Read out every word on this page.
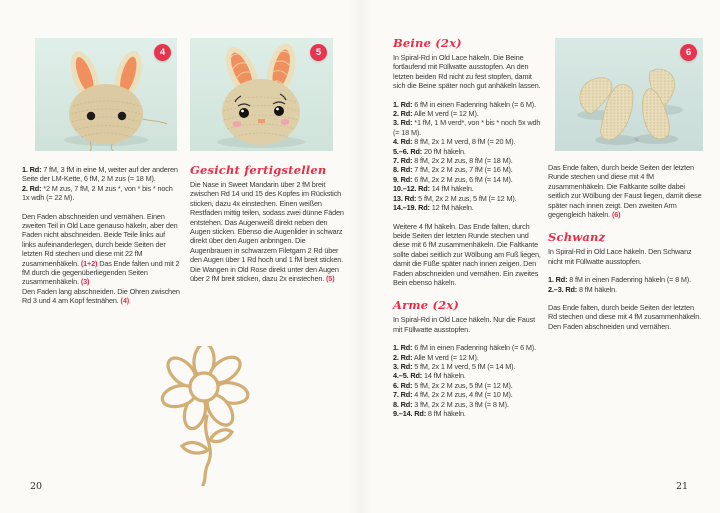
4	5
1. Rd: 7 fM, 3 fM in eine M, weiter auf der anderen Seite der LM-Kette, 6 fM, 2 M zus (= 18 M).
2. Rd: *2 M zus, 7 fM, 2 M zus *, von * bis * noch 1x wdh (= 22 M).

Den Faden abschneiden und vernähen. Einen zweiten Teil in Old Lace genauso häkeln, aber den Faden nicht abschneiden. Beide Teile links auf links aufeinanderlegen, durch beide Seiten der letzten Rd stechen und diese mit 22 fM zusammenhäkeln. (1+2) Das Ende falten und mit 2 fM durch die gegenüberliegenden Seiten zusammenhäkeln. (3)
Den Faden lang abschneiden. Die Ohren zwischen Rd 3 und 4 am Kopf festnähen. (4)

Gesicht fertigstellen

Die Nase in Sweet Mandarin über 2 fM breit zwischen Rd 14 und 15 des Kopfes im Rückstich sticken, dazu 4x einstechen. Einen weißen Restfaden mittig teilen, sodass zwei dünne Fäden entstehen. Das Augenweiß direkt neben den Augen sticken. Ebenso die Augenlider in schwarz direkt über den Augen anbringen. Die Augenbrauen in schwarzem Filetgarn 2 Rd über den Augen über 1 Rd hoch und 1 fM breit sticken. Die Wangen in Old Rose direkt unter den Augen über 2 fM breit sticken, dazu 2x einstechen. (5)

20
Beine (2x)

In Spiral-Rd in Old Lace häkeln. Die Beine fortlaufend mit Füllwatte ausstopfen. An den letzten beiden Rd nicht zu fest stopfen, damit sich die Beine später noch gut anhäkeln lassen.

1. Rd: 6 fM in einen Fadenring häkeln (= 6 M).
2. Rd: Alle M verd (= 12 M).
3. Rd: *1 fM, 1 M verd*, von * bis * noch 5x wdh (= 18 M).
4. Rd: 8 fM, 2x 1 M verd, 8 fM (= 20 M).
5.–6. Rd: 20 fM häkeln.
7. Rd: 8 fM, 2x 2 M zus, 8 fM (= 18 M).
8. Rd: 7 fM, 2x 2 M zus, 7 fM (= 16 M).
9. Rd: 6 fM, 2x 2 M zus, 6 fM (= 14 M).
10.–12. Rd: 14 fM häkeln.
13. Rd: 5 fM, 2x 2 M zus, 5 fM (= 12 M).
14.–19. Rd: 12 fM häkeln.

Weitere 4 fM häkeln. Das Ende falten, durch beide Seiten der letzten Runde stechen und diese mit 6 fM zusammenhäkeln. Die Faltkante sollte dabei seitlich zur Wölbung am Fuß liegen, damit die Füße später nach innen zeigen. Den Faden abschneiden und vernähen. Ein zweites Bein ebenso häkeln.

Arme (2x)

In Spiral-Rd in Old Lace häkeln. Nur die Faust mit Füllwatte ausstopfen.

1. Rd: 6 fM in einen Fadenring häkeln (= 6 M).
2. Rd: Alle M verd (= 12 M).
3. Rd: 5 fM, 2x 1 M verd, 5 fM (= 14 M).
4.–5. Rd: 14 fM häkeln.
6. Rd: 5 fM, 2x 2 M zus, 5 fM (= 12 M).
7. Rd: 4 fM, 2x 2 M zus, 4 fM (= 10 M).
8. Rd: 3 fM, 2x 2 M zus, 3 fM (= 8 M).
9.–14. Rd: 8 fM häkeln.
6

Das Ende falten, durch beide Seiten der letzten Runde stechen und diese mit 4 fM zusammenhäkeln. Die Faltkante sollte dabei seitlich zur Wölbung der Faust liegen, damit diese später nach innen zeigt. Den zweiten Arm gegengleich häkeln. (6)

Schwanz

In Spiral-Rd in Old Lace häkeln. Den Schwanz nicht mit Füllwatte ausstopfen.

1. Rd: 8 fM in einen Fadenring häkeln (= 8 M).
2.–3. Rd: 8 fM häkeln.

Das Ende falten, durch beide Seiten der letzten Rd stechen und diese mit 4 fM zusammenhäkeln. Den Faden abschneiden und vernähen.

21
